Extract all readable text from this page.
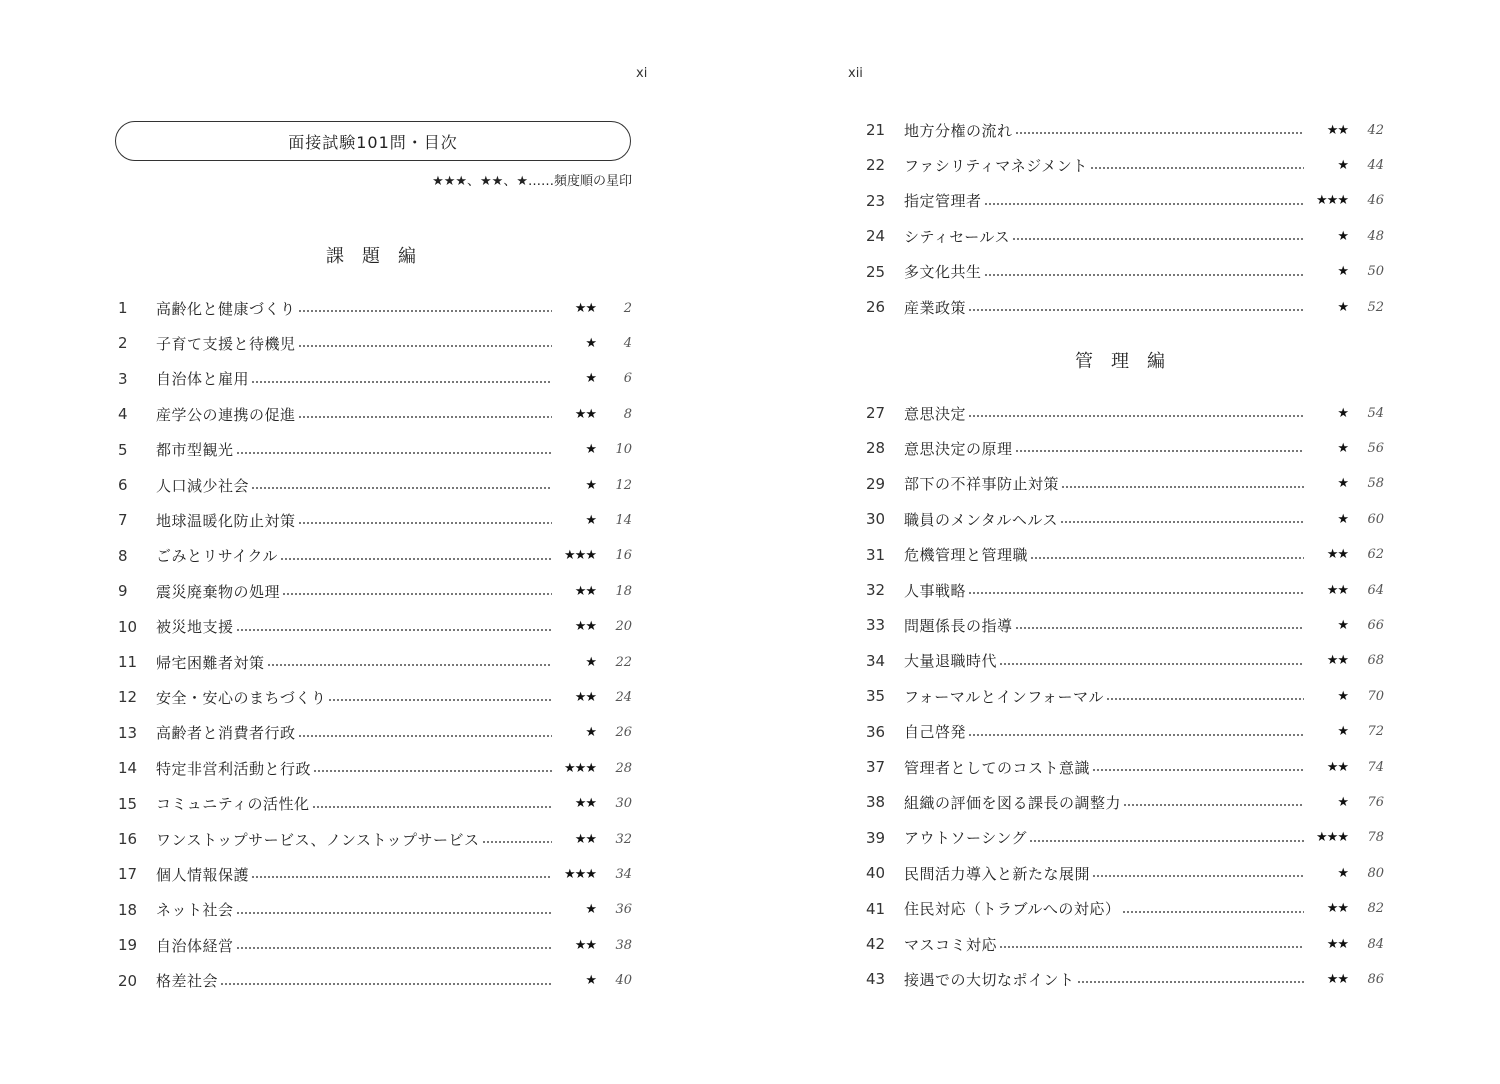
xi	xii
面接試験101問・目次
★★★、★★、★……頻度順の星印
課題編
管理編
1	高齢化と健康づくり	★★	2
2	子育て支援と待機児	★	4
3	自治体と雇用	★	6
4	産学公の連携の促進	★★	8
5	都市型観光	★	10
6	人口減少社会	★	12
7	地球温暖化防止対策	★	14
8	ごみとリサイクル	★★★	16
9	震災廃棄物の処理	★★	18
10	被災地支援	★★	20
11	帰宅困難者対策	★	22
12	安全・安心のまちづくり	★★	24
13	高齢者と消費者行政	★	26
14	特定非営利活動と行政	★★★	28
15	コミュニティの活性化	★★	30
16	ワンストップサービス、ノンストップサービス	★★	32
17	個人情報保護	★★★	34
18	ネット社会	★	36
19	自治体経営	★★	38
20	格差社会	★	40
21	地方分権の流れ	★★	42
22	ファシリティマネジメント	★	44
23	指定管理者	★★★	46
24	シティセールス	★	48
25	多文化共生	★	50
26	産業政策	★	52
27	意思決定	★	54
28	意思決定の原理	★	56
29	部下の不祥事防止対策	★	58
30	職員のメンタルヘルス	★	60
31	危機管理と管理職	★★	62
32	人事戦略	★★	64
33	問題係長の指導	★	66
34	大量退職時代	★★	68
35	フォーマルとインフォーマル	★	70
36	自己啓発	★	72
37	管理者としてのコスト意識	★★	74
38	組織の評価を図る課長の調整力	★	76
39	アウトソーシング	★★★	78
40	民間活力導入と新たな展開	★	80
41	住民対応（トラブルへの対応）	★★	82
42	マスコミ対応	★★	84
43	接遇での大切なポイント	★★	86
